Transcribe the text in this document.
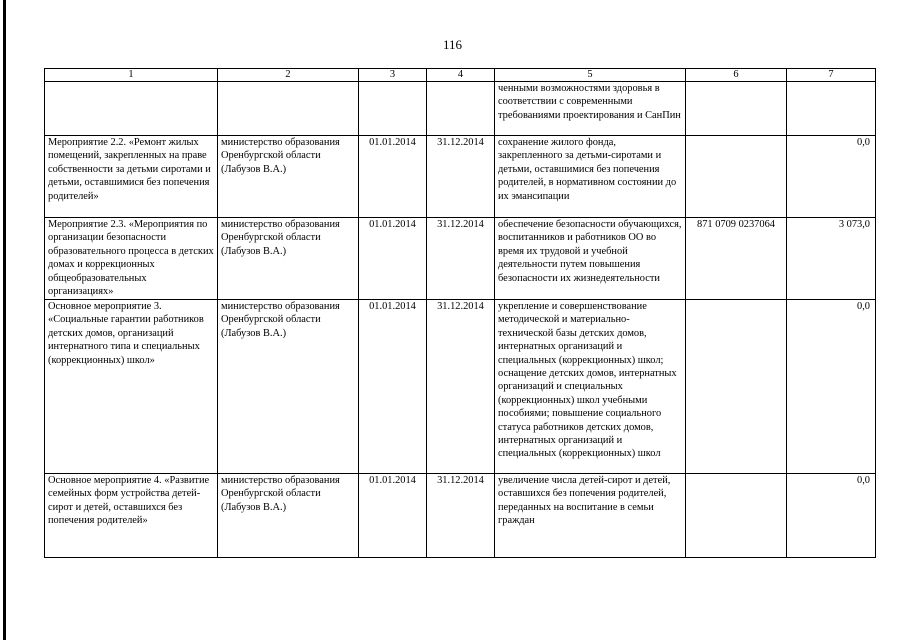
116
1	2	3	4	5	6	7
				ченными возможностями здоровья в соответствии с современными требованиями проектирования и СанПин		
Мероприятие 2.2. «Ремонт жилых помещений, закрепленных на праве собственности за детьми сиротами и детьми, оставшимися без попечения родителей»	министерство образования Оренбургской области (Лабузов В.А.)	01.01.2014	31.12.2014	сохранение жилого фонда, закрепленного за детьми-сиротами и детьми, оставшимися без попечения родителей, в нормативном состоянии до их эмансипации		0,0
Мероприятие 2.3. «Мероприятия по организации безопасности образовательного процесса в детских домах и коррекционных общеобразовательных организациях»	министерство образования Оренбургской области (Лабузов В.А.)	01.01.2014	31.12.2014	обеспечение безопасности обучающихся, воспитанников и работников ОО во время их трудовой и учебной деятельности путем повышения безопасности их жизнедеятельности	871 0709 0237064	3 073,0
Основное мероприятие 3. «Социальные гарантии работников детских домов, организаций интернатного типа и специальных (коррекционных) школ»	министерство образования Оренбургской области (Лабузов В.А.)	01.01.2014	31.12.2014	укрепление и совершенствование методической и материально-технической базы детских домов, интернатных организаций и специальных (коррекционных) школ; оснащение детских домов, интернатных организаций и специальных (коррекционных) школ учебными пособиями; повышение социального статуса работников детских домов, интернатных организаций и специальных (коррекционных) школ		0,0
Основное мероприятие 4. «Развитие семейных форм устройства детей-сирот и детей, оставшихся без попечения родителей»	министерство образования Оренбургской области (Лабузов В.А.)	01.01.2014	31.12.2014	увеличение числа детей-сирот и детей, оставшихся без попечения родителей, переданных на воспитание в семьи граждан		0,0
